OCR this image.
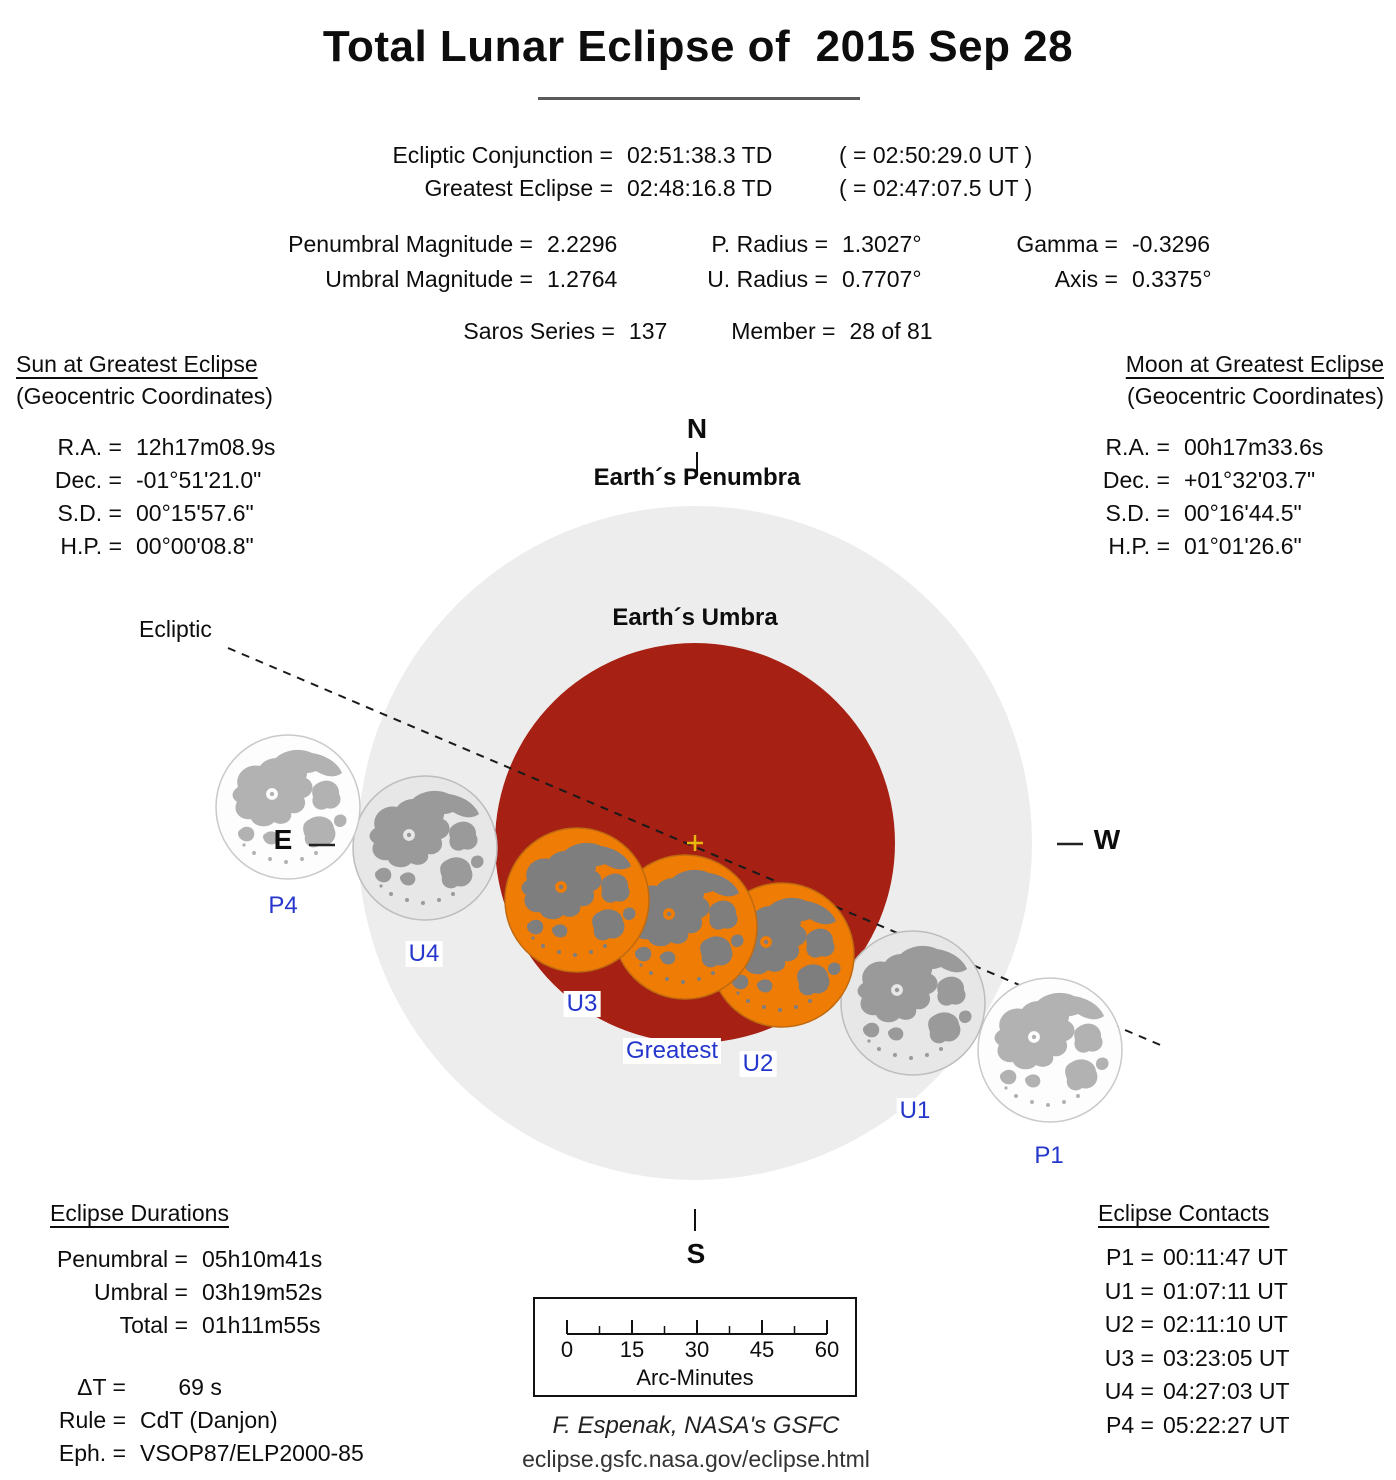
Total Lunar Eclipse of  2015 Sep 28
Ecliptic Conjunction = 02:51:38.3 TD	( = 02:50:29.0 UT )
Greatest Eclipse = 02:48:16.8 TD	( = 02:47:07.5 UT )
Penumbral Magnitude = 2.2296	P. Radius = 1.3027°	Gamma = -0.3296
Umbral Magnitude = 1.2764	U. Radius = 0.7707°	Axis = 0.3375°
Saros Series = 137	Member = 28 of 81
Sun at Greatest Eclipse
(Geocentric Coordinates)
R.A. = 12h17m08.9s
Dec. = -01°51'21.0"
S.D. = 00°15'57.6"
H.P. = 00°00'08.8"
Moon at Greatest Eclipse
(Geocentric Coordinates)
R.A. = 00h17m33.6s
Dec. = +01°32'03.7"
S.D. = 00°16'44.5"
H.P. = 01°01'26.6"
N
Earth´s Penumbra
Earth´s Umbra
Ecliptic
E	W
S
P1
U1
U2
Greatest
U3
U4
P4
Eclipse Durations
Penumbral = 05h10m41s
Umbral = 03h19m52s
Total = 01h11m55s
ΔT = 69 s
Rule = CdT (Danjon)
Eph. = VSOP87/ELP2000-85
Eclipse Contacts
P1 = 00:11:47 UT
U1 = 01:07:11 UT
U2 = 02:11:10 UT
U3 = 03:23:05 UT
U4 = 04:27:03 UT
P4 = 05:22:27 UT
0	15	30	45	60
Arc-Minutes
F. Espenak, NASA's GSFC
eclipse.gsfc.nasa.gov/eclipse.html
